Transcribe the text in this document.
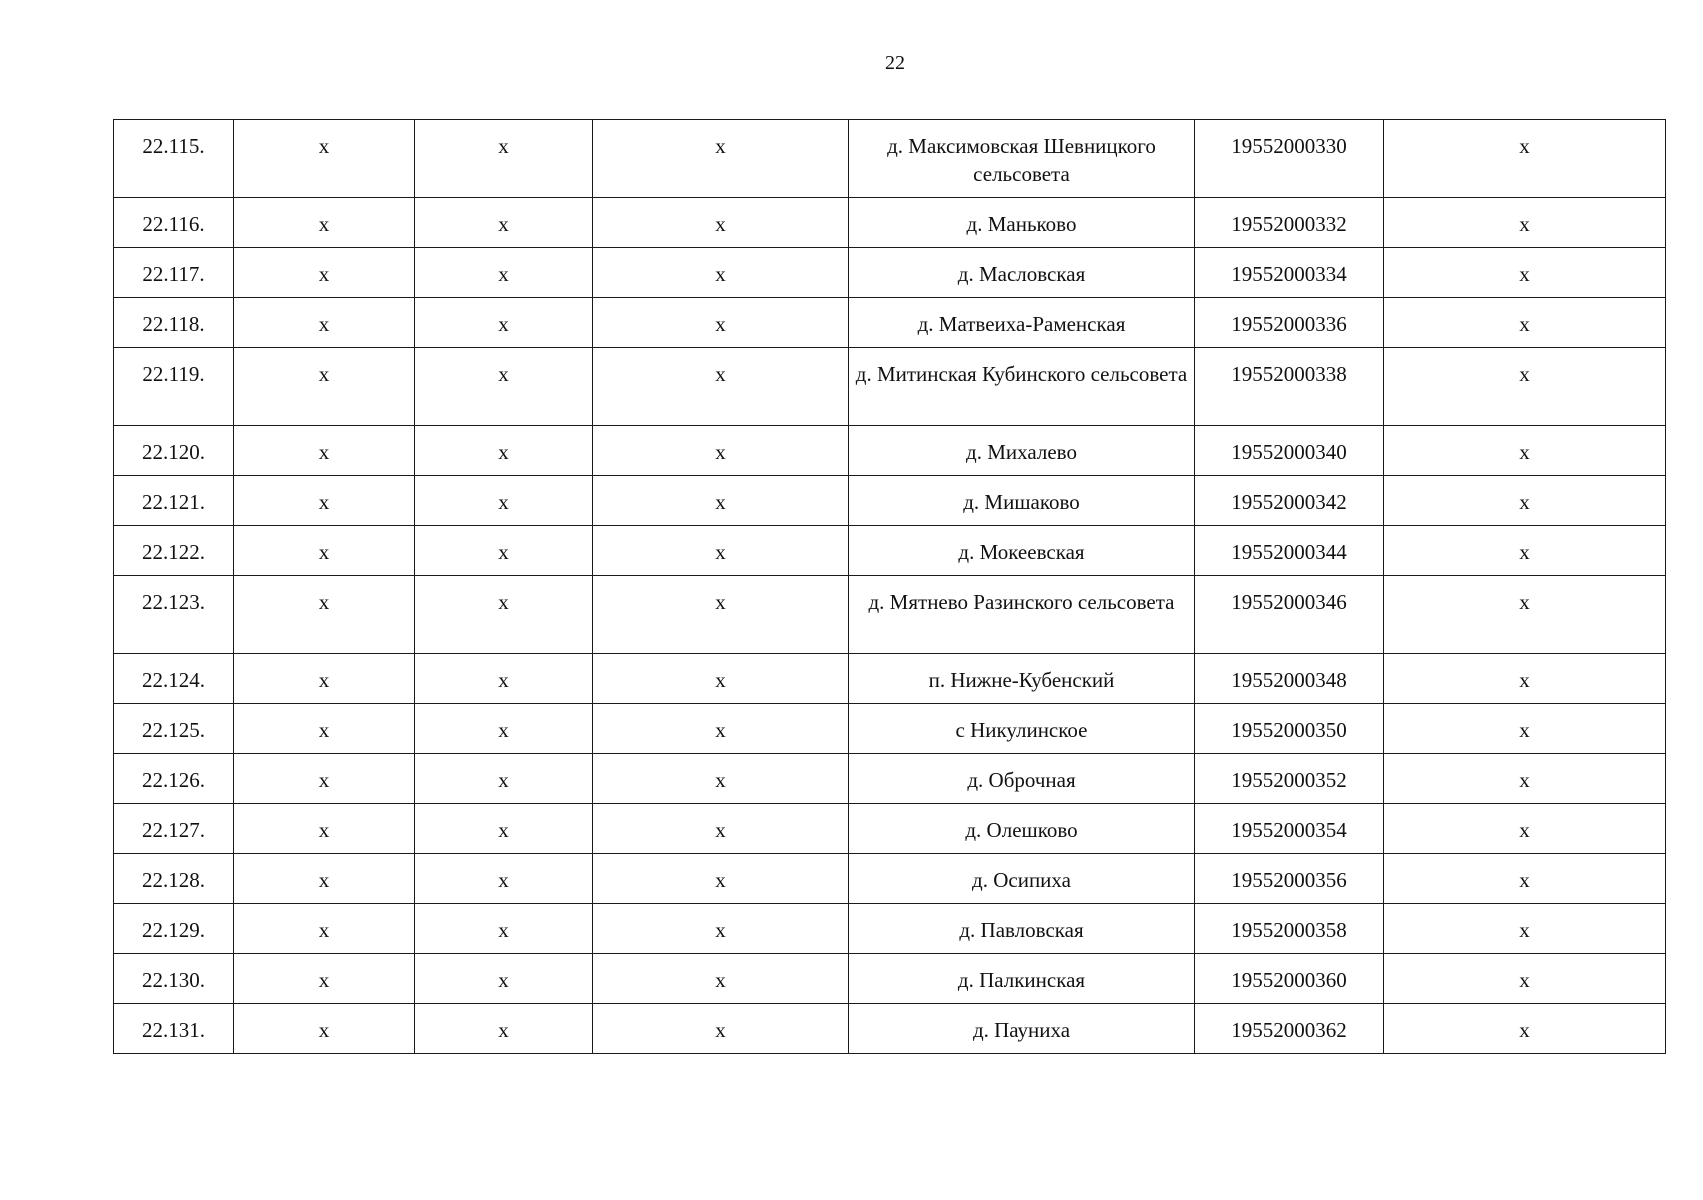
22
22.115.	x	x	x	д. Максимовская Шевницкого сельсовета	19552000330	x
22.116.	x	x	x	д. Маньково	19552000332	x
22.117.	x	x	x	д. Масловская	19552000334	x
22.118.	x	x	x	д. Матвеиха-Раменская	19552000336	x
22.119.	x	x	x	д. Митинская Кубинского сельсовета	19552000338	x
22.120.	x	x	x	д. Михалево	19552000340	x
22.121.	x	x	x	д. Мишаково	19552000342	x
22.122.	x	x	x	д. Мокеевская	19552000344	x
22.123.	x	x	x	д. Мятнево Разинского сельсовета	19552000346	x
22.124.	x	x	x	п. Нижне-Кубенский	19552000348	x
22.125.	x	x	x	с Никулинское	19552000350	x
22.126.	x	x	x	д. Оброчная	19552000352	x
22.127.	x	x	x	д. Олешково	19552000354	x
22.128.	x	x	x	д. Осипиха	19552000356	x
22.129.	x	x	x	д. Павловская	19552000358	x
22.130.	x	x	x	д. Палкинская	19552000360	x
22.131.	x	x	x	д. Пауниха	19552000362	x
